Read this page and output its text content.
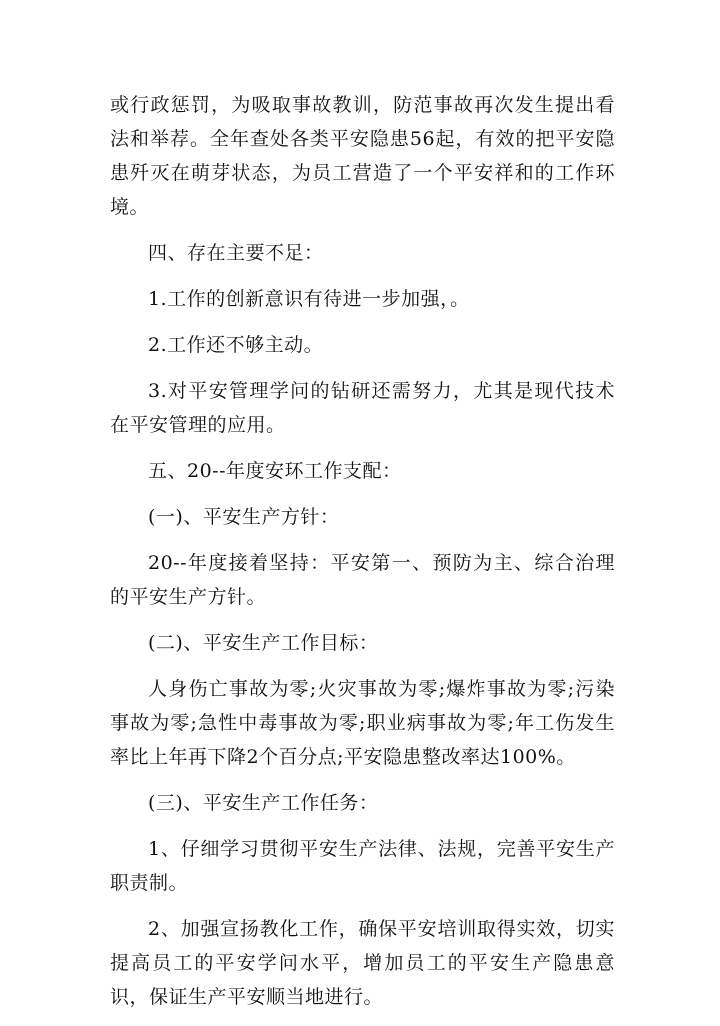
或行政惩罚，为吸取事故教训，防范事故再次发生提出看法和举荐。全年查处各类平安隐患56起，有效的把平安隐患歼灭在萌芽状态，为员工营造了一个平安祥和的工作环境。

四、存在主要不足：

1.工作的创新意识有待进一步加强，。

2.工作还不够主动。

3.对平安管理学问的钻研还需努力，尤其是现代技术在平安管理的应用。

五、20--年度安环工作支配：

(一)、平安生产方针：

20--年度接着坚持：平安第一、预防为主、综合治理的平安生产方针。

(二)、平安生产工作目标：

人身伤亡事故为零;火灾事故为零;爆炸事故为零;污染事故为零;急性中毒事故为零;职业病事故为零;年工伤发生率比上年再下降2个百分点;平安隐患整改率达100%。

(三)、平安生产工作任务：

1、仔细学习贯彻平安生产法律、法规，完善平安生产职责制。

2、加强宣扬教化工作，确保平安培训取得实效，切实提高员工的平安学问水平，增加员工的平安生产隐患意识，保证生产平安顺当地进行。
